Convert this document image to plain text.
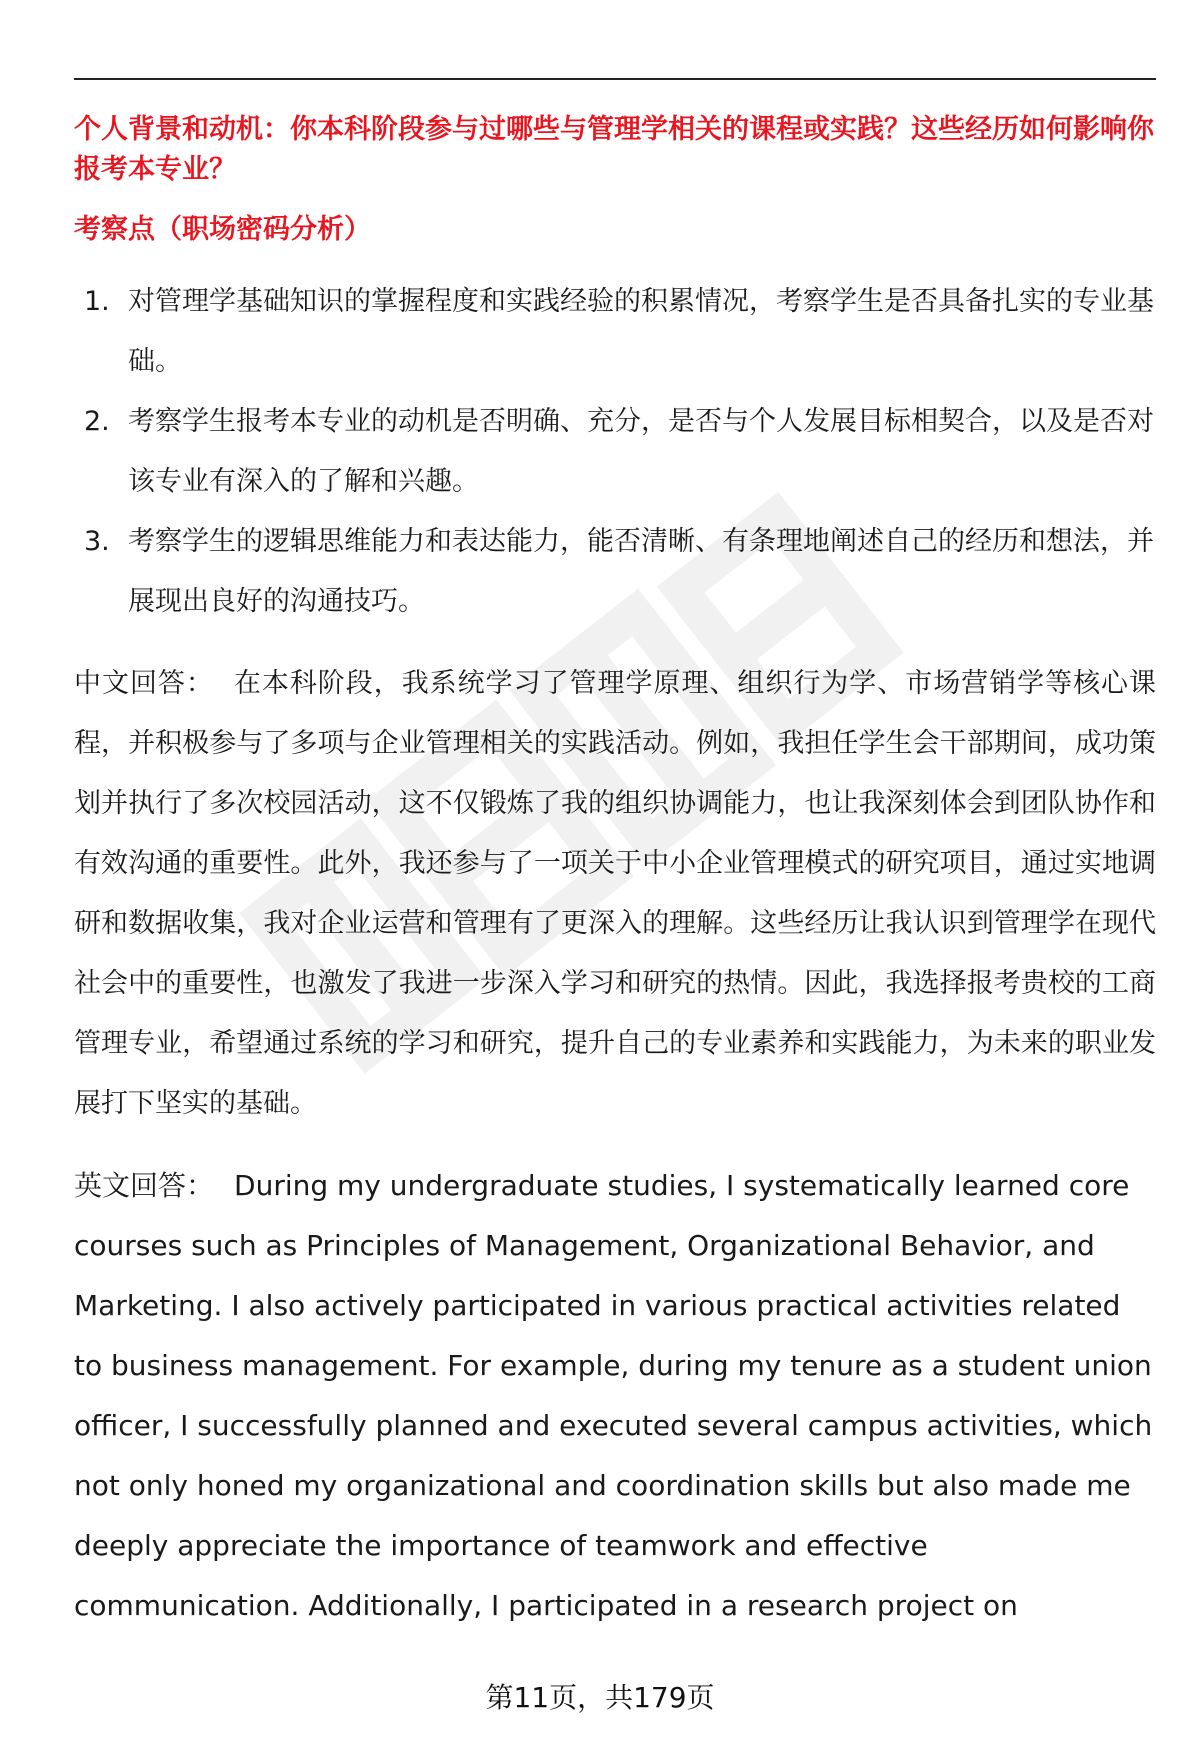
个人背景和动机：你本科阶段参与过哪些与管理学相关的课程或实践？这些经历如何影响你报考本专业？

考察点（职场密码分析）

1. 对管理学基础知识的掌握程度和实践经验的积累情况，考察学生是否具备扎实的专业基础。
2. 考察学生报考本专业的动机是否明确、充分，是否与个人发展目标相契合，以及是否对该专业有深入的了解和兴趣。
3. 考察学生的逻辑思维能力和表达能力，能否清晰、有条理地阐述自己的经历和想法，并展现出良好的沟通技巧。

中文回答： 在本科阶段，我系统学习了管理学原理、组织行为学、市场营销学等核心课程，并积极参与了多项与企业管理相关的实践活动。例如，我担任学生会干部期间，成功策划并执行了多次校园活动，这不仅锻炼了我的组织协调能力，也让我深刻体会到团队协作和有效沟通的重要性。此外，我还参与了一项关于中小企业管理模式的研究项目，通过实地调研和数据收集，我对企业运营和管理有了更深入的理解。这些经历让我认识到管理学在现代社会中的重要性，也激发了我进一步深入学习和研究的热情。因此，我选择报考贵校的工商管理专业，希望通过系统的学习和研究，提升自己的专业素养和实践能力，为未来的职业发展打下坚实的基础。

英文回答： During my undergraduate studies, I systematically learned core courses such as Principles of Management, Organizational Behavior, and Marketing. I also actively participated in various practical activities related to business management. For example, during my tenure as a student union officer, I successfully planned and executed several campus activities, which not only honed my organizational and coordination skills but also made me deeply appreciate the importance of teamwork and effective communication. Additionally, I participated in a research project on

第11页，共179页
